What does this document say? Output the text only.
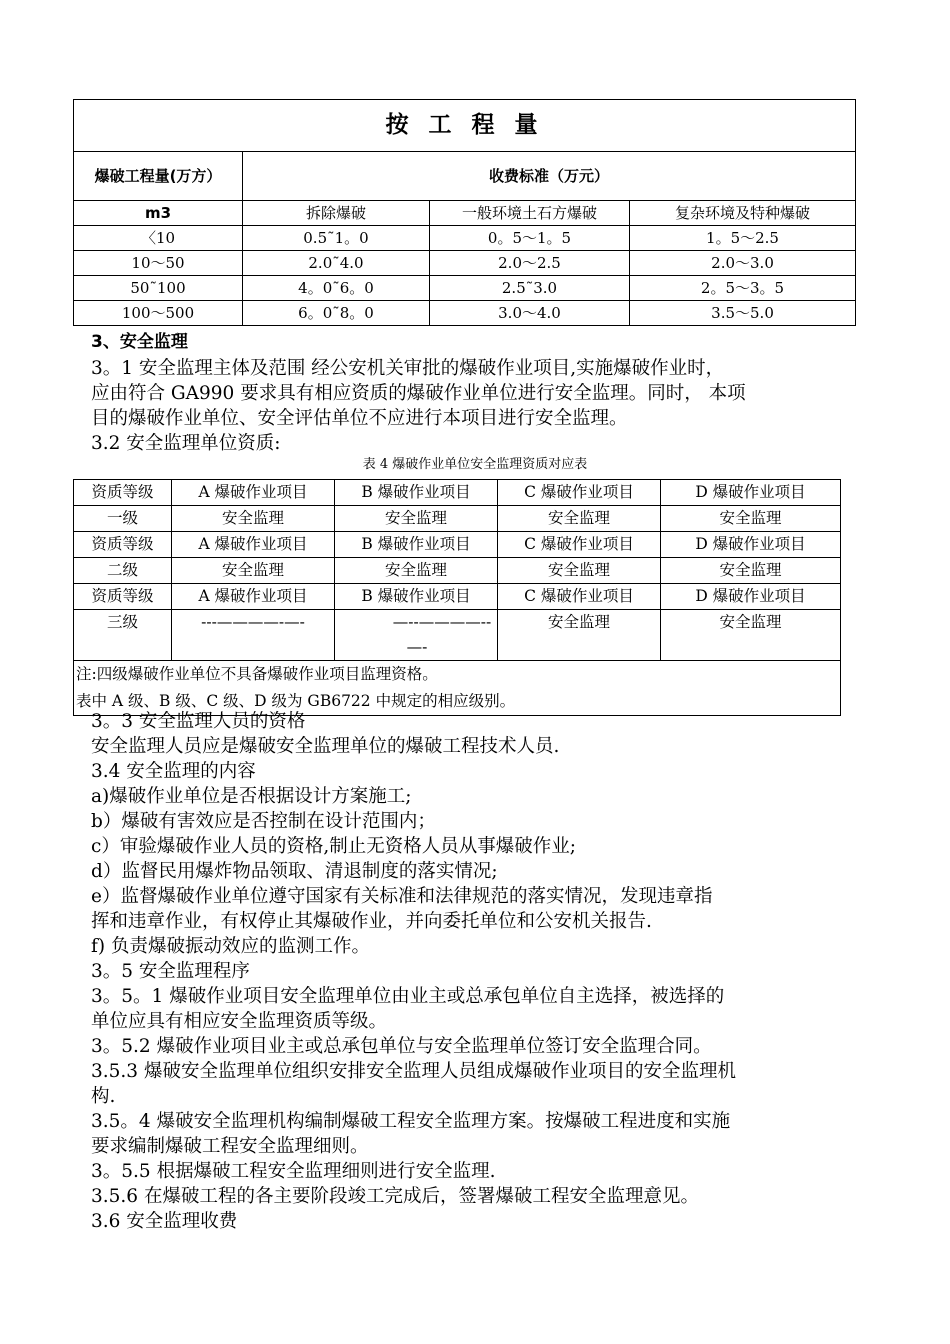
按 工 程 量			
爆破工程量(万方）	收费标准（万元）		
m3	拆除爆破	一般环境土石方爆破	复杂环境及特种爆破
〈10	0.5˜1。0	0。5～1。5	1。5～2.5
10～50	2.0˜4.0	2.0～2.5	2.0～3.0
50˜100	4。0˜6。0	2.5˜3.0	2。5～3。5
100～500	6。0˜8。0	3.0～4.0	3.5～5.0
3、安全监理
3。1 安全监理主体及范围 经公安机关审批的爆破作业项目,实施爆破作业时，
应由符合 GA990 要求具有相应资质的爆破作业单位进行安全监理。同时， 本项
目的爆破作业单位、安全评估单位不应进行本项目进行安全监理。
3.2 安全监理单位资质:
表 4 爆破作业单位安全监理资质对应表
资质等级	A 爆破作业项目	B 爆破作业项目	C 爆破作业项目	D 爆破作业项目
一级	安全监理	安全监理	安全监理	安全监理
资质等级	A 爆破作业项目	B 爆破作业项目	C 爆破作业项目	D 爆破作业项目
二级	安全监理	安全监理	安全监理	安全监理
资质等级	A 爆破作业项目	B 爆破作业项目	C 爆破作业项目	D 爆破作业项目
三级	---————-—-	—--————--
—-	安全监理	安全监理

注:四级爆破作业单位不具备爆破作业项目监理资格。
表中 A 级、B 级、C 级、D 级为 GB6722 中规定的相应级别。				
3。3 安全监理人员的资格
安全监理人员应是爆破安全监理单位的爆破工程技术人员.
3.4 安全监理的内容
a)爆破作业单位是否根据设计方案施工;
b）爆破有害效应是否控制在设计范围内；
c）审验爆破作业人员的资格,制止无资格人员从事爆破作业;
d）监督民用爆炸物品领取、清退制度的落实情况;
e）监督爆破作业单位遵守国家有关标准和法律规范的落实情况，发现违章指
挥和违章作业，有权停止其爆破作业，并向委托单位和公安机关报告.
f) 负责爆破振动效应的监测工作。
3。5 安全监理程序
3。5。1 爆破作业项目安全监理单位由业主或总承包单位自主选择，被选择的
单位应具有相应安全监理资质等级。
3。5.2 爆破作业项目业主或总承包单位与安全监理单位签订安全监理合同。
3.5.3 爆破安全监理单位组织安排安全监理人员组成爆破作业项目的安全监理机
构.
3.5。4 爆破安全监理机构编制爆破工程安全监理方案。按爆破工程进度和实施
要求编制爆破工程安全监理细则。
3。5.5 根据爆破工程安全监理细则进行安全监理.
3.5.6 在爆破工程的各主要阶段竣工完成后，签署爆破工程安全监理意见。
3.6 安全监理收费
